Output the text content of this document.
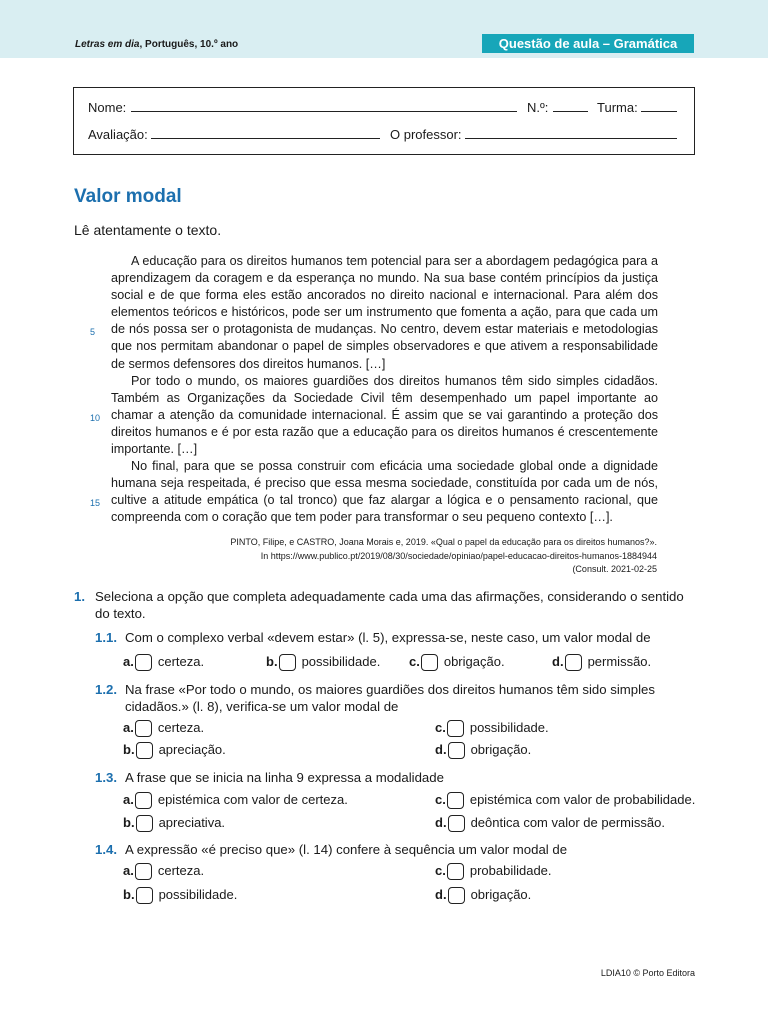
Letras em dia, Português, 10.º ano	Questão de aula – Gramática
Nome:	N.º:	Turma:
Avaliação:	O professor:
Valor modal
Lê atentamente o texto.

A educação para os direitos humanos tem potencial para ser a abordagem pedagógica para a aprendizagem da coragem e da esperança no mundo. Na sua base contém princípios da justiça social e de que forma eles estão ancorados no direito nacional e internacional. Para além dos elementos teóricos e históricos, pode ser um instrumento que fomenta a ação, para que cada um de nós possa ser o protagonista de mudanças. No centro, devem estar materiais e metodologias que nos permitam abandonar o papel de simples observadores e que ativem a responsabilidade de sermos defensores dos direitos humanos. […]

Por todo o mundo, os maiores guardiões dos direitos humanos têm sido simples cidadãos. Também as Organizações da Sociedade Civil têm desempenhado um papel importante ao chamar a atenção da comunidade internacional. É assim que se vai garantindo a proteção dos direitos humanos e é por esta razão que a educação para os direitos humanos é crescentemente importante. […]

No final, para que se possa construir com eficácia uma sociedade global onde a dignidade humana seja respeitada, é preciso que essa mesma sociedade, constituída por cada um de nós, cultive a atitude empática (o tal tronco) que faz alargar a lógica e o pensamento racional, que compreenda com o coração que tem poder para transformar o seu pequeno contexto […].

5
10
15
PINTO, Filipe, e CASTRO, Joana Morais e, 2019. «Qual o papel da educação para os direitos humanos?».
In https://www.publico.pt/2019/08/30/sociedade/opiniao/papel-educacao-direitos-humanos-1884944
(Consult. 2021-02-25
1. Seleciona a opção que completa adequadamente cada uma das afirmações, considerando o sentido do texto.
1.1. Com o complexo verbal «devem estar» (l. 5), expressa-se, neste caso, um valor modal de
a. certeza.	b. possibilidade. c. obrigação.	d. permissão.
1.2. Na frase «Por todo o mundo, os maiores guardiões dos direitos humanos têm sido simples cidadãos.» (l. 8), verifica-se um valor modal de
a. certeza.
b. apreciação.
c. possibilidade.
d. obrigação.
1.3. A frase que se inicia na linha 9 expressa a modalidade
a. epistémica com valor de certeza.
b. apreciativa.
c. epistémica com valor de probabilidade.
d. deôntica com valor de permissão.
1.4. A expressão «é preciso que» (l. 14) confere à sequência um valor modal de
a. certeza.
b. possibilidade.
c. probabilidade.
d. obrigação.
LDIA10 © Porto Editora
